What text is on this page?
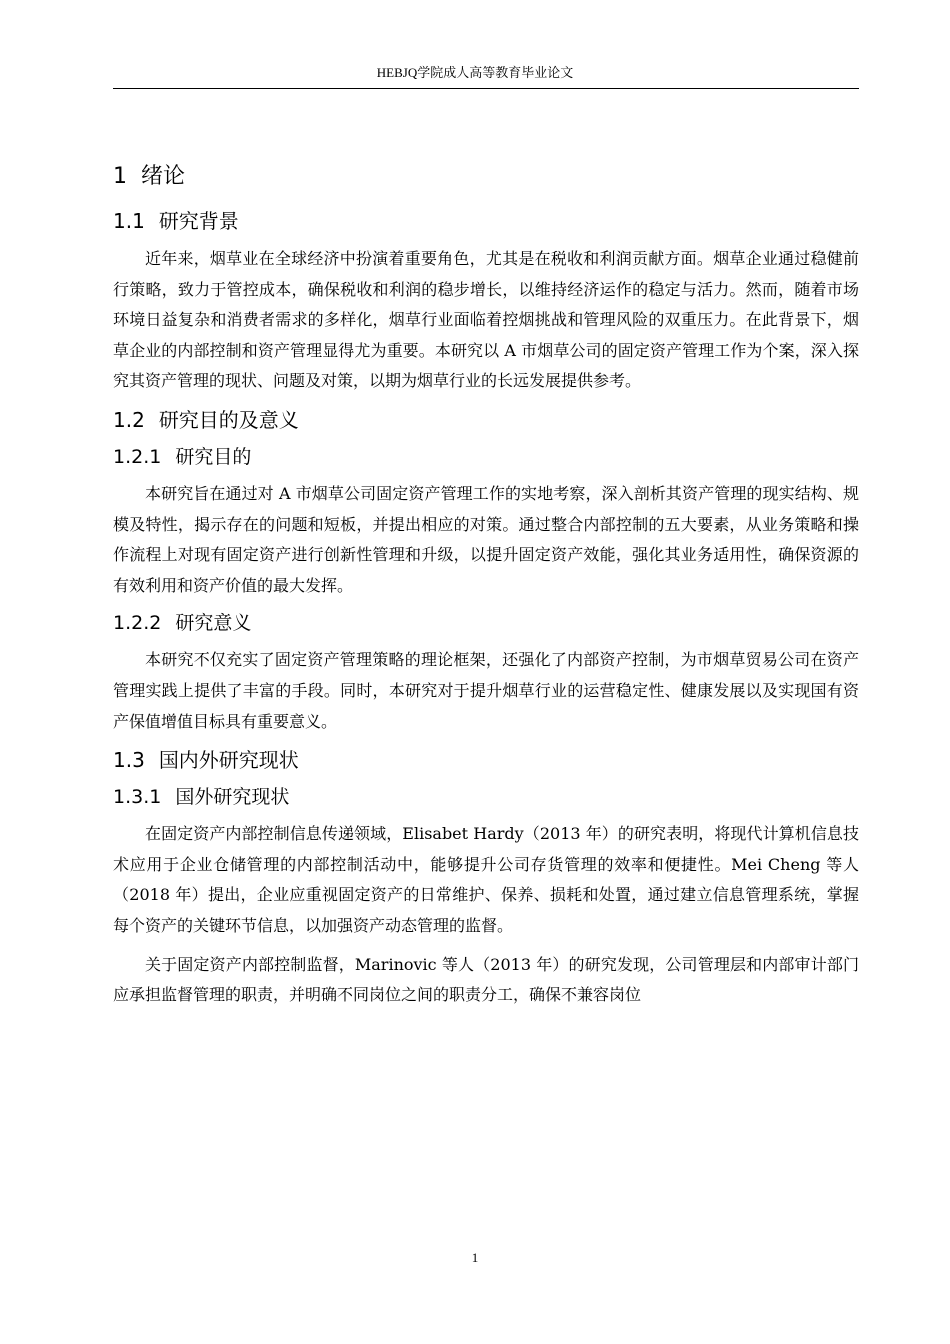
HEBJQ学院成人高等教育毕业论文
1 绪论
1.1 研究背景

近年来，烟草业在全球经济中扮演着重要角色，尤其是在税收和利润贡献方面。烟草企业通过稳健前行策略，致力于管控成本，确保税收和利润的稳步增长，以维持经济运作的稳定与活力。然而，随着市场环境日益复杂和消费者需求的多样化，烟草行业面临着控烟挑战和管理风险的双重压力。在此背景下，烟草企业的内部控制和资产管理显得尤为重要。本研究以 A 市烟草公司的固定资产管理工作为个案，深入探究其资产管理的现状、问题及对策，以期为烟草行业的长远发展提供参考。

1.2 研究目的及意义
1.2.1 研究目的

本研究旨在通过对 A 市烟草公司固定资产管理工作的实地考察，深入剖析其资产管理的现实结构、规模及特性，揭示存在的问题和短板，并提出相应的对策。通过整合内部控制的五大要素，从业务策略和操作流程上对现有固定资产进行创新性管理和升级，以提升固定资产效能，强化其业务适用性，确保资源的有效利用和资产价值的最大发挥。

1.2.2 研究意义

本研究不仅充实了固定资产管理策略的理论框架，还强化了内部资产控制，为市烟草贸易公司在资产管理实践上提供了丰富的手段。同时，本研究对于提升烟草行业的运营稳定性、健康发展以及实现国有资产保值增值目标具有重要意义。

1.3 国内外研究现状
1.3.1 国外研究现状

在固定资产内部控制信息传递领域，Elisabet Hardy（2013 年）的研究表明，将现代计算机信息技术应用于企业仓储管理的内部控制活动中，能够提升公司存货管理的效率和便捷性。Mei Cheng 等人（2018 年）提出，企业应重视固定资产的日常维护、保养、损耗和处置，通过建立信息管理系统，掌握每个资产的关键环节信息，以加强资产动态管理的监督。

关于固定资产内部控制监督，Marinovic 等人（2013 年）的研究发现，公司管理层和内部审计部门应承担监督管理的职责，并明确不同岗位之间的职责分工，确保不兼容岗位

1
